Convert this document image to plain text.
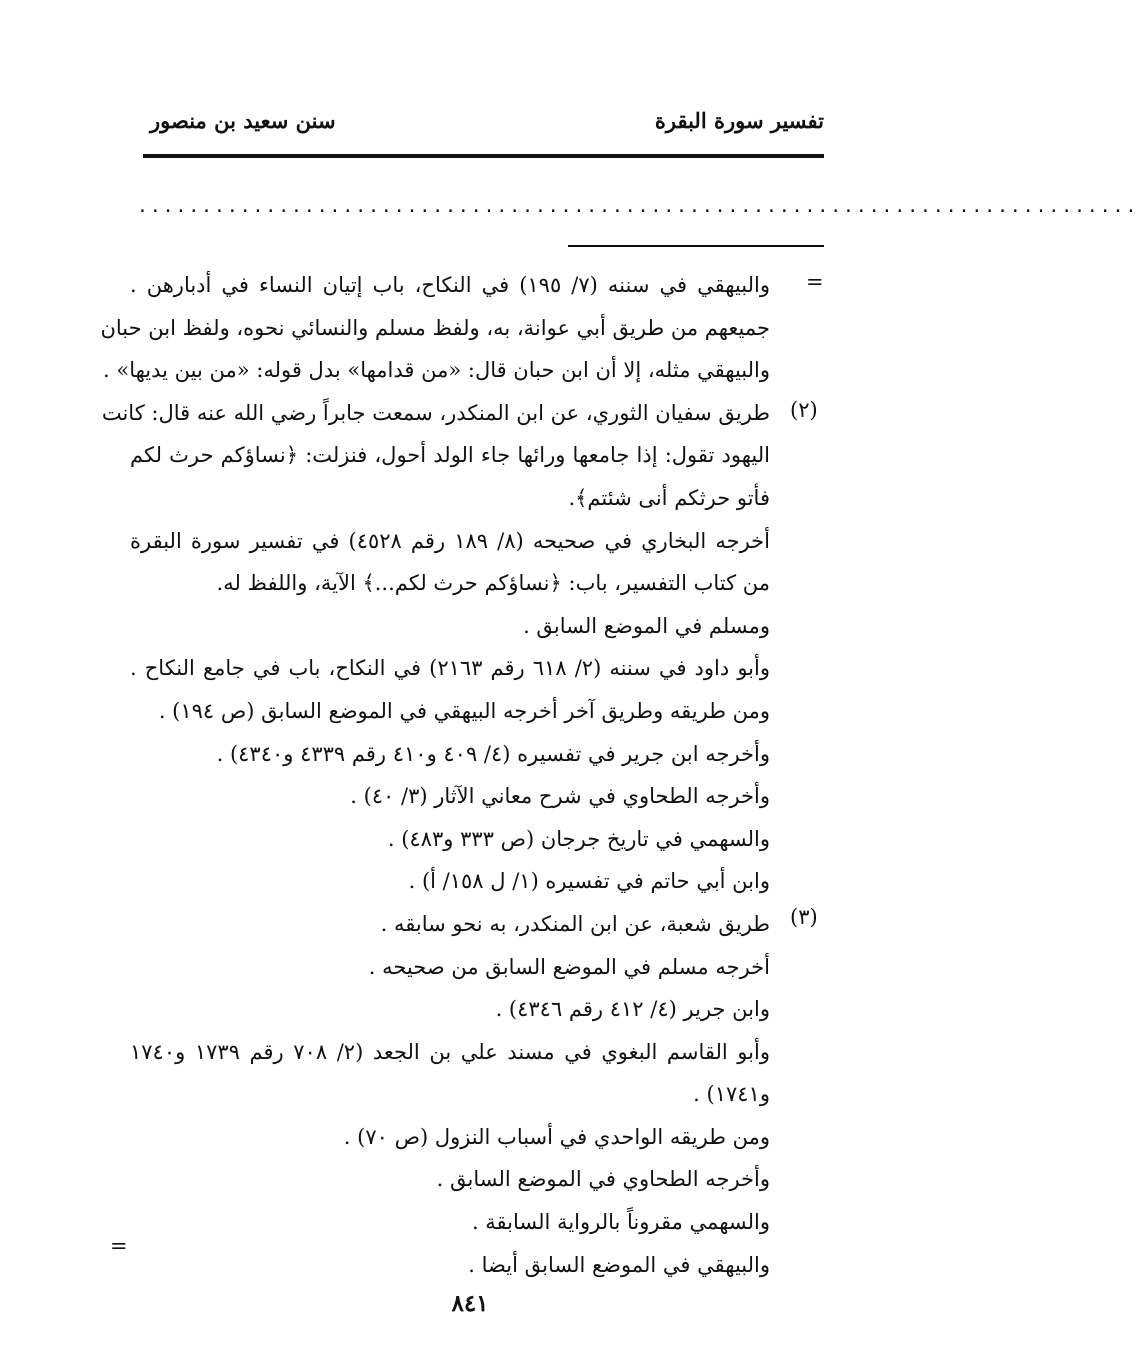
تفسير سورة البقرة
سنن سعيد بن منصور
..............................................................................
=
(٢)
(٣)
=
والبيهقي في سننه (٧/ ١٩٥) في النكاح، باب إتيان النساء في أدبارهن .
جميعهم من طريق أبي عوانة، به، ولفظ مسلم والنسائي نحوه، ولفظ ابن حبان
والبيهقي مثله، إلا أن ابن حبان قال: «من قدامها» بدل قوله: «من بين يديها» .
طريق سفيان الثوري، عن ابن المنكدر، سمعت جابراً رضي الله عنه قال: كانت
اليهود تقول: إذا جامعها ورائها جاء الولد أحول، فنزلت: ﴿نساؤكم حرث لكم
فأتو حرثكم أنى شئتم﴾.
أخرجه البخاري في صحيحه (٨/ ١٨٩ رقم ٤٥٢٨) في تفسير سورة البقرة
من كتاب التفسير، باب: ﴿نساؤكم حرث لكم...﴾ الآية، واللفظ له.
ومسلم في الموضع السابق .
وأبو داود في سننه (٢/ ٦١٨ رقم ٢١٦٣) في النكاح، باب في جامع النكاح .
ومن طريقه وطريق آخر أخرجه البيهقي في الموضع السابق (ص ١٩٤) .
وأخرجه ابن جرير في تفسيره (٤/ ٤٠٩ و٤١٠ رقم ٤٣٣٩ و٤٣٤٠) .
وأخرجه الطحاوي في شرح معاني الآثار (٣/ ٤٠) .
والسهمي في تاريخ جرجان (ص ٣٣٣ و٤٨٣) .
وابن أبي حاتم في تفسيره (١/ ل ١٥٨/ أ) .
طريق شعبة، عن ابن المنكدر، به نحو سابقه .
أخرجه مسلم في الموضع السابق من صحيحه .
وابن جرير (٤/ ٤١٢ رقم ٤٣٤٦) .
وأبو القاسم البغوي في مسند علي بن الجعد (٢/ ٧٠٨ رقم ١٧٣٩ و١٧٤٠
و١٧٤١) .
ومن طريقه الواحدي في أسباب النزول (ص ٧٠) .
وأخرجه الطحاوي في الموضع السابق .
والسهمي مقروناً بالرواية السابقة .
والبيهقي في الموضع السابق أيضا .
٨٤١
